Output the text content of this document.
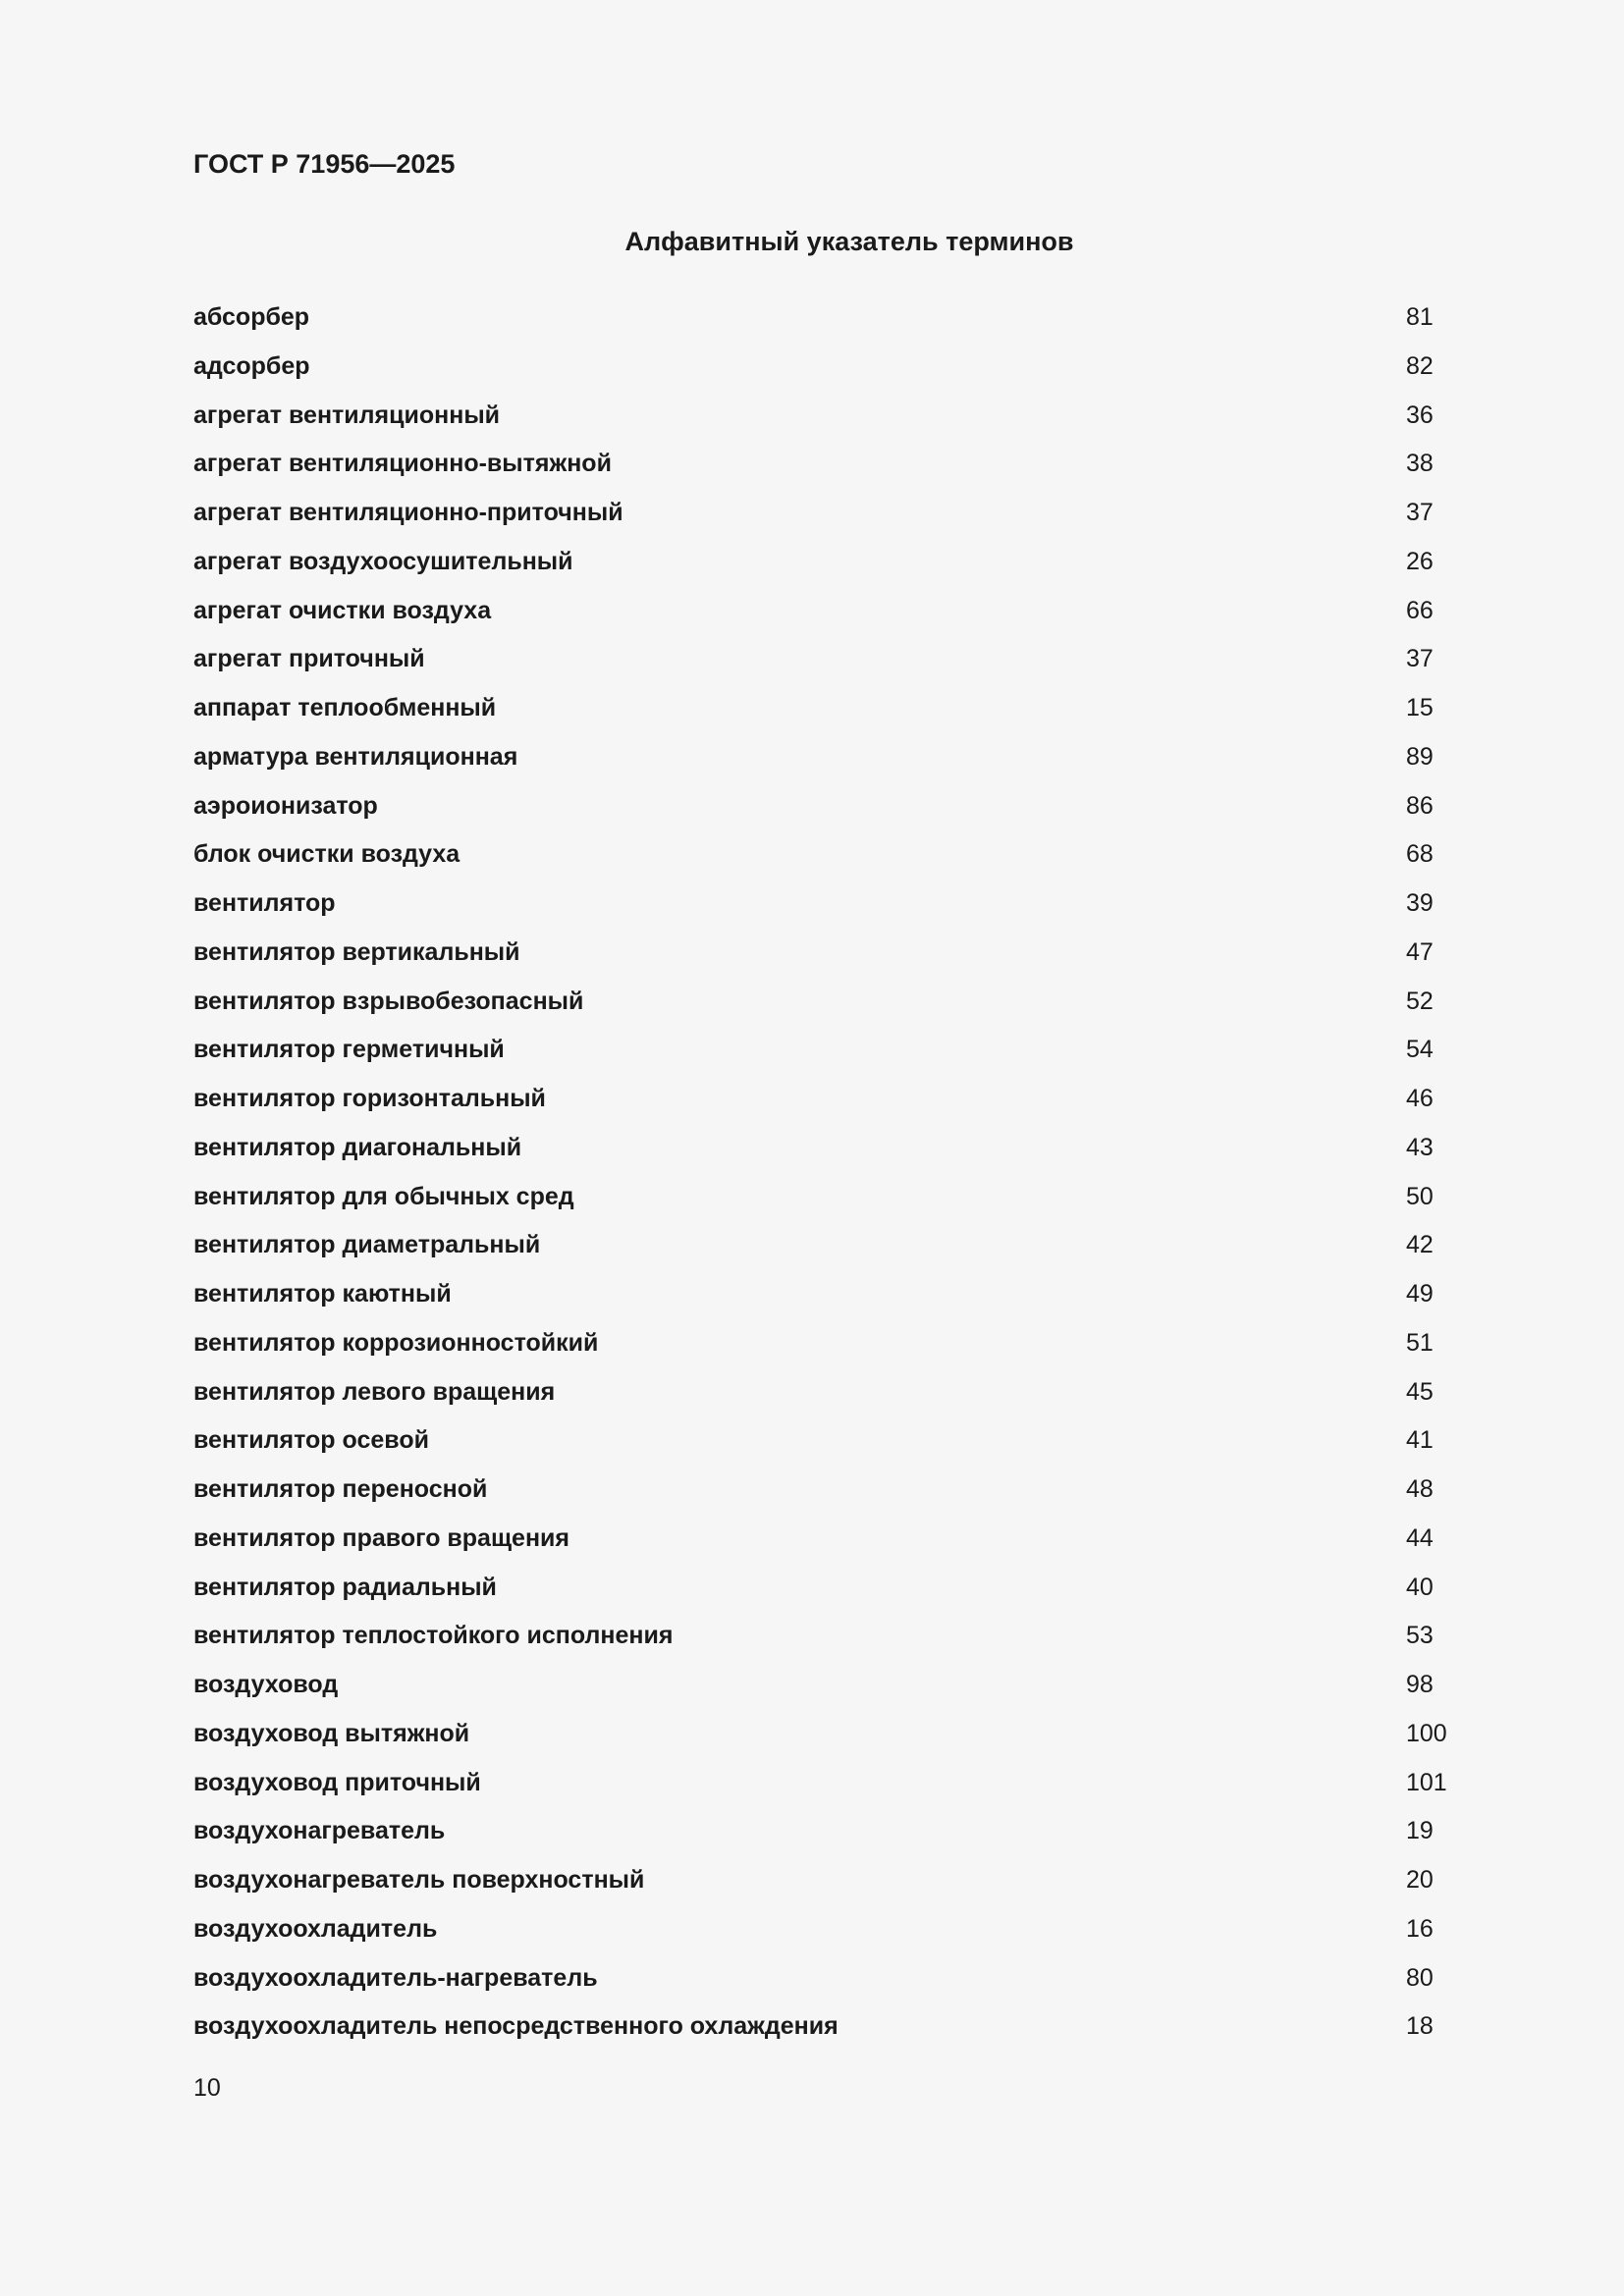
ГОСТ Р 71956—2025
Алфавитный указатель терминов
абсорбер	81
адсорбер	82
агрегат вентиляционный	36
агрегат вентиляционно-вытяжной	38
агрегат вентиляционно-приточный	37
агрегат воздухоосушительный	26
агрегат очистки воздуха	66
агрегат приточный	37
аппарат теплообменный	15
арматура вентиляционная	89
аэроионизатор	86
блок очистки воздуха	68
вентилятор	39
вентилятор вертикальный	47
вентилятор взрывобезопасный	52
вентилятор герметичный	54
вентилятор горизонтальный	46
вентилятор диагональный	43
вентилятор для обычных сред	50
вентилятор диаметральный	42
вентилятор каютный	49
вентилятор коррозионностойкий	51
вентилятор левого вращения	45
вентилятор осевой	41
вентилятор переносной	48
вентилятор правого вращения	44
вентилятор радиальный	40
вентилятор теплостойкого исполнения	53
воздуховод	98
воздуховод вытяжной	100
воздуховод приточный	101
воздухонагреватель	19
воздухонагреватель поверхностный	20
воздухоохладитель	16
воздухоохладитель-нагреватель	80
воздухоохладитель непосредственного охлаждения	18
10
